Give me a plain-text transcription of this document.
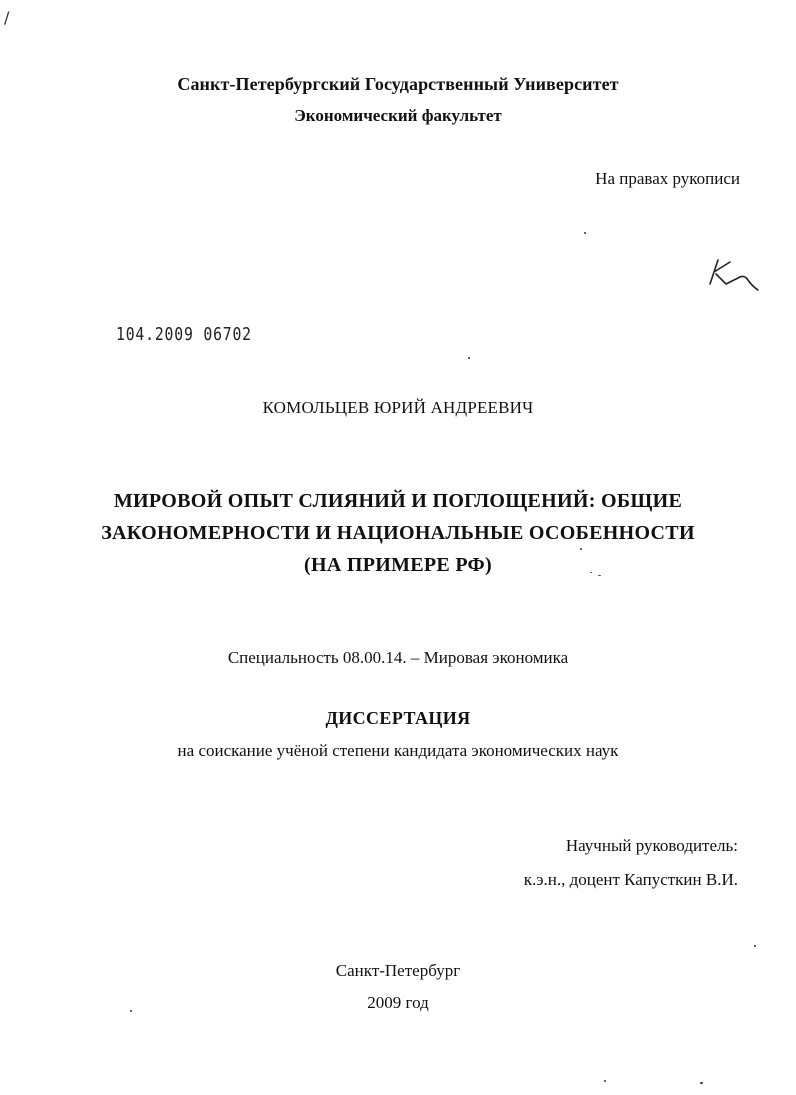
/
Санкт-Петербургский Государственный Университет
Экономический факультет
На правах рукописи
104.2009 06702
КОМОЛЬЦЕВ ЮРИЙ АНДРЕЕВИЧ
МИРОВОЙ ОПЫТ СЛИЯНИЙ И ПОГЛОЩЕНИЙ: ОБЩИЕ
ЗАКОНОМЕРНОСТИ И НАЦИОНАЛЬНЫЕ ОСОБЕННОСТИ
(НА ПРИМЕРЕ РФ)
Специальность 08.00.14. – Мировая экономика
ДИССЕРТАЦИЯ
на соискание учёной степени кандидата экономических наук
Научный руководитель:
к.э.н., доцент Капусткин В.И.
Санкт-Петербург
2009 год
